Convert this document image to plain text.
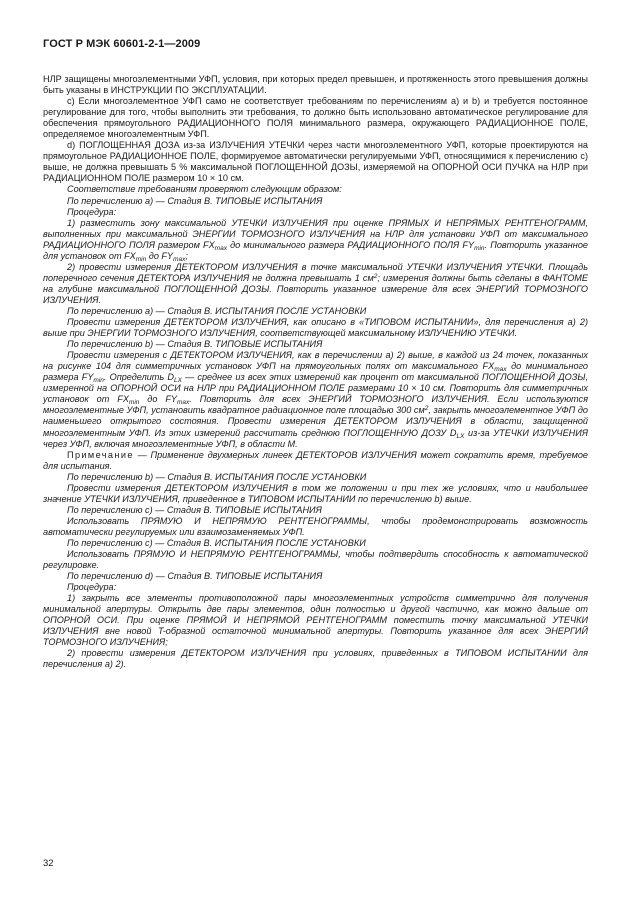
ГОСТ Р МЭК 60601-2-1—2009

НЛР защищены многоэлементными УФП, условия, при которых предел превышен, и протяженность этого превышения должны быть указаны в ИНСТРУКЦИИ ПО ЭКСПЛУАТАЦИИ.

c) Если многоэлементное УФП само не соответствует требованиям по перечислениям a) и b) и требуется постоянное регулирование для того, чтобы выполнить эти требования, то должно быть использовано автоматическое регулирование для обеспечения прямоугольного РАДИАЦИОННОГО ПОЛЯ минимального размера, окружающего РАДИАЦИОННОЕ ПОЛЕ, определяемое многоэлементным УФП.

d) ПОГЛОЩЕННАЯ ДОЗА из-за ИЗЛУЧЕНИЯ УТЕЧКИ через части многоэлементного УФП, которые проектируются на прямоугольное РАДИАЦИОННОЕ ПОЛЕ, формируемое автоматически регулируемыми УФП, относящимися к перечислению c) выше, не должна превышать 5 % максимальной ПОГЛОЩЕННОЙ ДОЗЫ, измеряемой на ОПОРНОЙ ОСИ ПУЧКА на НЛР при РАДИАЦИОННОМ ПОЛЕ размером 10 × 10 см.

Соответствие требованиям проверяют следующим образом:

По перечислению a) — Стадия B. ТИПОВЫЕ ИСПЫТАНИЯ

Процедура:

1) разместить зону максимальной УТЕЧКИ ИЗЛУЧЕНИЯ при оценке ПРЯМЫХ И НЕПРЯМЫХ РЕНТГЕНОГРАММ, выполненных при максимальной ЭНЕРГИИ ТОРМОЗНОГО ИЗЛУЧЕНИЯ на НЛР для установки УФП от максимального РАДИАЦИОННОГО ПОЛЯ размером $FX_{max}$ до минимального размера РАДИАЦИОННОГО ПОЛЯ $FY_{min}$. Повторить указанное для установок от $FX_{min}$ до $FY_{max}$;

2) провести измерения ДЕТЕКТОРОМ ИЗЛУЧЕНИЯ в точке максимальной УТЕЧКИ ИЗЛУЧЕНИЯ УТЕЧКИ. Площадь поперечного сечения ДЕТЕКТОРА ИЗЛУЧЕНИЯ не должна превышать 1 $см^2$; измерения должны быть сделаны в ФАНТОМЕ на глубине максимальной ПОГЛОЩЕННОЙ ДОЗЫ. Повторить указанное измерение для всех ЭНЕРГИЙ ТОРМОЗНОГО ИЗЛУЧЕНИЯ.

По перечислению a) — Стадия B. ИСПЫТАНИЯ ПОСЛЕ УСТАНОВКИ

Провести измерения ДЕТЕКТОРОМ ИЗЛУЧЕНИЯ, как описано в «ТИПОВОМ ИСПЫТАНИИ», для перечисления a) 2) выше при ЭНЕРГИИ ТОРМОЗНОГО ИЗЛУЧЕНИЯ, соответствующей максимальному ИЗЛУЧЕНИЮ УТЕЧКИ.

По перечислению b) — Стадия B. ТИПОВЫЕ ИСПЫТАНИЯ

Провести измерения с ДЕТЕКТОРОМ ИЗЛУЧЕНИЯ, как в перечислении a) 2) выше, в каждой из 24 точек, показанных на рисунке 104 для симметричных установок УФП на прямоугольных полях от максимального $FX_{max}$ до минимального размера $FY_{min}$. Определить $D_{LX}$ — среднее из всех этих измерений как процент от максимальной ПОГЛОЩЕННОЙ ДОЗЫ, измеренной на ОПОРНОЙ ОСИ на НЛР при РАДИАЦИОННОМ ПОЛЕ размерами 10 × 10 см. Повторить для симметричных установок от $FX_{min}$ до $FY_{max}$. Повторить для всех ЭНЕРГИЙ ТОРМОЗНОГО ИЗЛУЧЕНИЯ. Если используются многоэлементные УФП, установить квадратное радиационное поле площадью 300 $см^2$, закрыть многоэлементное УФП до наименьшего открытого состояния. Провести измерения ДЕТЕКТОРОМ ИЗЛУЧЕНИЯ в области, защищенной многоэлементным УФП. Из этих измерений рассчитать среднюю ПОГЛОЩЕННУЮ ДОЗУ $D_{LX}$ из-за УТЕЧКИ ИЗЛУЧЕНИЯ через УФП, включая многоэлементные УФП, в области M.

Примечание — Применение двухмерных линеек ДЕТЕКТОРОВ ИЗЛУЧЕНИЯ может сократить время, требуемое для испытания.

По перечислению b) — Стадия B. ИСПЫТАНИЯ ПОСЛЕ УСТАНОВКИ

Провести измерения ДЕТЕКТОРОМ ИЗЛУЧЕНИЯ в том же положении и при тех же условиях, что и наибольшее значение УТЕЧКИ ИЗЛУЧЕНИЯ, приведенное в ТИПОВОМ ИСПЫТАНИИ по перечислению b) выше.

По перечислению c) — Стадия B. ТИПОВЫЕ ИСПЫТАНИЯ

Использовать ПРЯМУЮ И НЕПРЯМУЮ РЕНТГЕНОГРАММЫ, чтобы продемонстрировать возможность автоматически регулируемых или взаимозаменяемых УФП.

По перечислению c) — Стадия B. ИСПЫТАНИЯ ПОСЛЕ УСТАНОВКИ

Использовать ПРЯМУЮ И НЕПРЯМУЮ РЕНТГЕНОГРАММЫ, чтобы подтвердить способность к автоматической регулировке.

По перечислению d) — Стадия B. ТИПОВЫЕ ИСПЫТАНИЯ

Процедура:

1) закрыть все элементы противоположной пары многоэлементных устройств симметрично для получения минимальной апертуры. Открыть две пары элементов, один полностью и другой частично, как можно дальше от ОПОРНОЙ ОСИ. При оценке ПРЯМОЙ И НЕПРЯМОЙ РЕНТГЕНОГРАММ поместить точку максимальной УТЕЧКИ ИЗЛУЧЕНИЯ вне новой T-образной остаточной минимальной апертуры. Повторить указанное для всех ЭНЕРГИЙ ТОРМОЗНОГО ИЗЛУЧЕНИЯ;

2) провести измерения ДЕТЕКТОРОМ ИЗЛУЧЕНИЯ при условиях, приведенных в ТИПОВОМ ИСПЫТАНИИ для перечисления a) 2).

32
